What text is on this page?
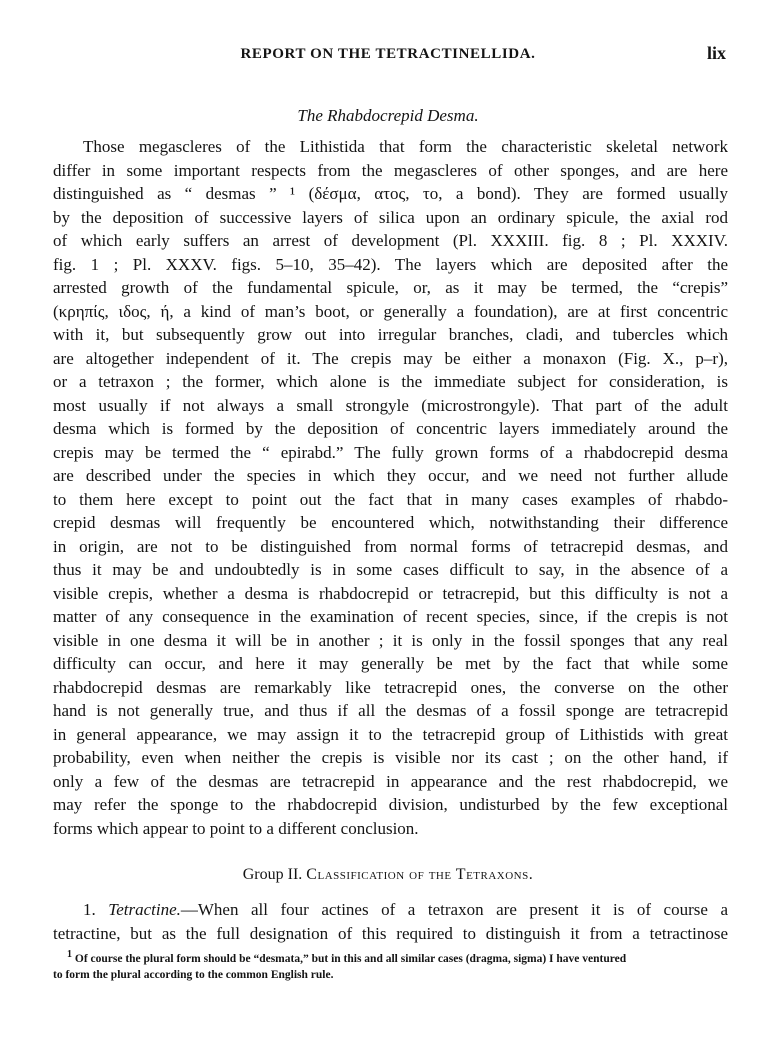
REPORT ON THE TETRACTINELLIDA.	lix
The Rhabdocrepid Desma.
Those megascleres of the Lithistida that form the characteristic skeletal network
differ in some important respects from the megascleres of other sponges, and are here
distinguished as “ desmas ” ¹ (δέσμα, ατος, το, a bond). They are formed usually
by the deposition of successive layers of silica upon an ordinary spicule, the axial rod
of which early suffers an arrest of development (Pl. XXXIII. fig. 8 ; Pl. XXXIV.
fig. 1 ; Pl. XXXV. figs. 5–10, 35–42). The layers which are deposited after the
arrested growth of the fundamental spicule, or, as it may be termed, the “crepis”
(κρηπίς, ιδος, ή, a kind of man’s boot, or generally a foundation), are at first concentric
with it, but subsequently grow out into irregular branches, cladi, and tubercles which
are altogether independent of it. The crepis may be either a monaxon (Fig. X., p–r),
or a tetraxon ; the former, which alone is the immediate subject for consideration, is
most usually if not always a small strongyle (microstrongyle). That part of the adult
desma which is formed by the deposition of concentric layers immediately around the
crepis may be termed the “ epirabd.” The fully grown forms of a rhabdocrepid desma
are described under the species in which they occur, and we need not further allude
to them here except to point out the fact that in many cases examples of rhabdo-
crepid desmas will frequently be encountered which, notwithstanding their difference
in origin, are not to be distinguished from normal forms of tetracrepid desmas, and
thus it may be and undoubtedly is in some cases difficult to say, in the absence of a
visible crepis, whether a desma is rhabdocrepid or tetracrepid, but this difficulty is not a
matter of any consequence in the examination of recent species, since, if the crepis is not
visible in one desma it will be in another ; it is only in the fossil sponges that any real
difficulty can occur, and here it may generally be met by the fact that while some
rhabdocrepid desmas are remarkably like tetracrepid ones, the converse on the other
hand is not generally true, and thus if all the desmas of a fossil sponge are tetracrepid
in general appearance, we may assign it to the tetracrepid group of Lithistids with great
probability, even when neither the crepis is visible nor its cast ; on the other hand, if
only a few of the desmas are tetracrepid in appearance and the rest rhabdocrepid, we
may refer the sponge to the rhabdocrepid division, undisturbed by the few exceptional
forms which appear to point to a different conclusion.
Group II. Classification of the Tetraxons.
1. Tetractine.—When all four actines of a tetraxon are present it is of course a
tetractine, but as the full designation of this required to distinguish it from a tetractinose
$^1$ Of course the plural form should be “desmata,” but in this and all similar cases (dragma, sigma) I have ventured
to form the plural according to the common English rule.
